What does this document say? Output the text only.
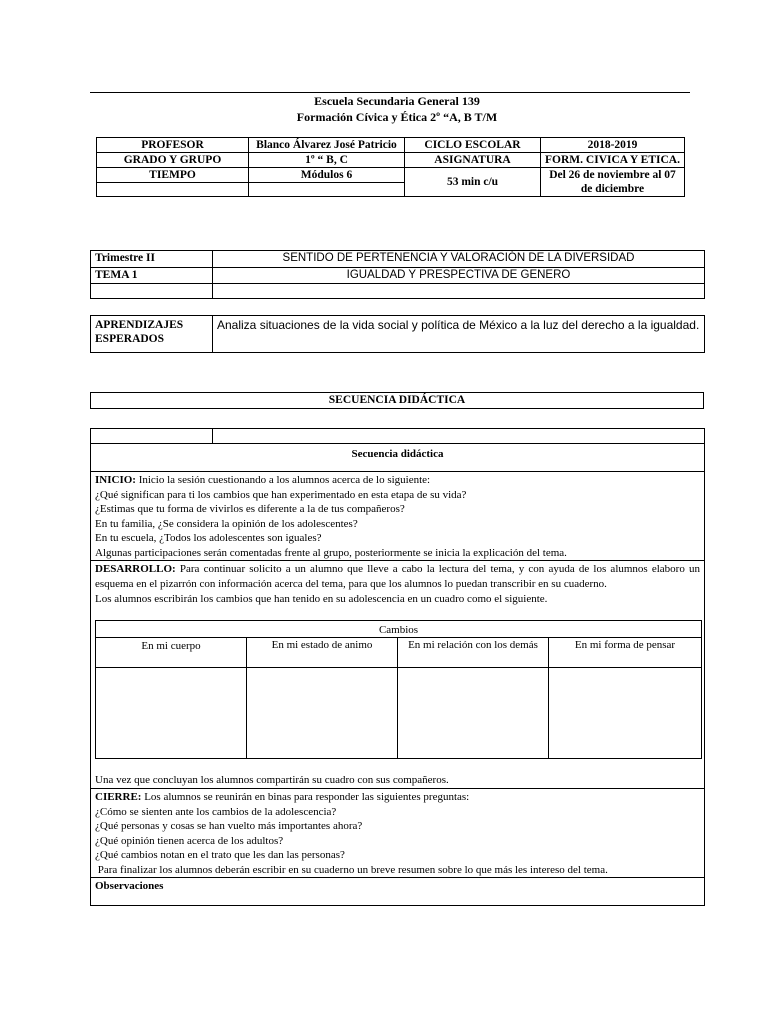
Escuela Secundaria General 139
Formación Cívica y Ética 2º “A, B T/M
PROFESOR	Blanco Álvarez José Patricio	CICLO ESCOLAR	2018-2019
GRADO Y GRUPO	1º “ B, C	ASIGNATURA	FORM. CIVICA Y ETICA.
TIEMPO	Módulos 6	53 min c/u	Del 26 de noviembre al 07 de diciembre

Trimestre II	SENTIDO DE PERTENENCIA Y VALORACIÓN DE LA DIVERSIDAD
TEMA 1	IGUALDAD Y PRESPECTIVA DE GENERO

APRENDIZAJES ESPERADOS	Analiza situaciones de la vida social y política de México a la luz del derecho a la igualdad.
SECUENCIA DIDÁCTICA

Secuencia didáctica

INICIO: Inicio la sesión cuestionando a los alumnos acerca de lo siguiente:
¿Qué significan para ti los cambios que han experimentado en esta etapa de su vida?
¿Estimas que tu forma de vivirlos es diferente a la de tus compañeros?
En tu familia, ¿Se considera la opinión de los adolescentes?
En tu escuela, ¿Todos los adolescentes son iguales?
Algunas participaciones serán comentadas frente al grupo, posteriormente se inicia la explicación del tema.

DESARROLLO: Para continuar solicito a un alumno que lleve a cabo la lectura del tema, y con ayuda de los alumnos elaboro un esquema en el pizarrón con información acerca del tema, para que los alumnos lo puedan transcribir en su cuaderno.
Los alumnos escribirán los cambios que han tenido en su adolescencia en un cuadro como el siguiente.
Cambios
En mi cuerpo	En mi estado de animo	En mi relación con los demás	En mi forma de pensar

Una vez que concluyan los alumnos compartirán su cuadro con sus compañeros.

CIERRE: Los alumnos se reunirán en binas para responder las siguientes preguntas:
¿Cómo se sienten ante los cambios de la adolescencia?
¿Qué personas y cosas se han vuelto más importantes ahora?
¿Qué opinión tienen acerca de los adultos?
¿Qué cambios notan en el trato que les dan las personas?
Para finalizar los alumnos deberán escribir en su cuaderno un breve resumen sobre lo que más les intereso del tema.

Observaciones
